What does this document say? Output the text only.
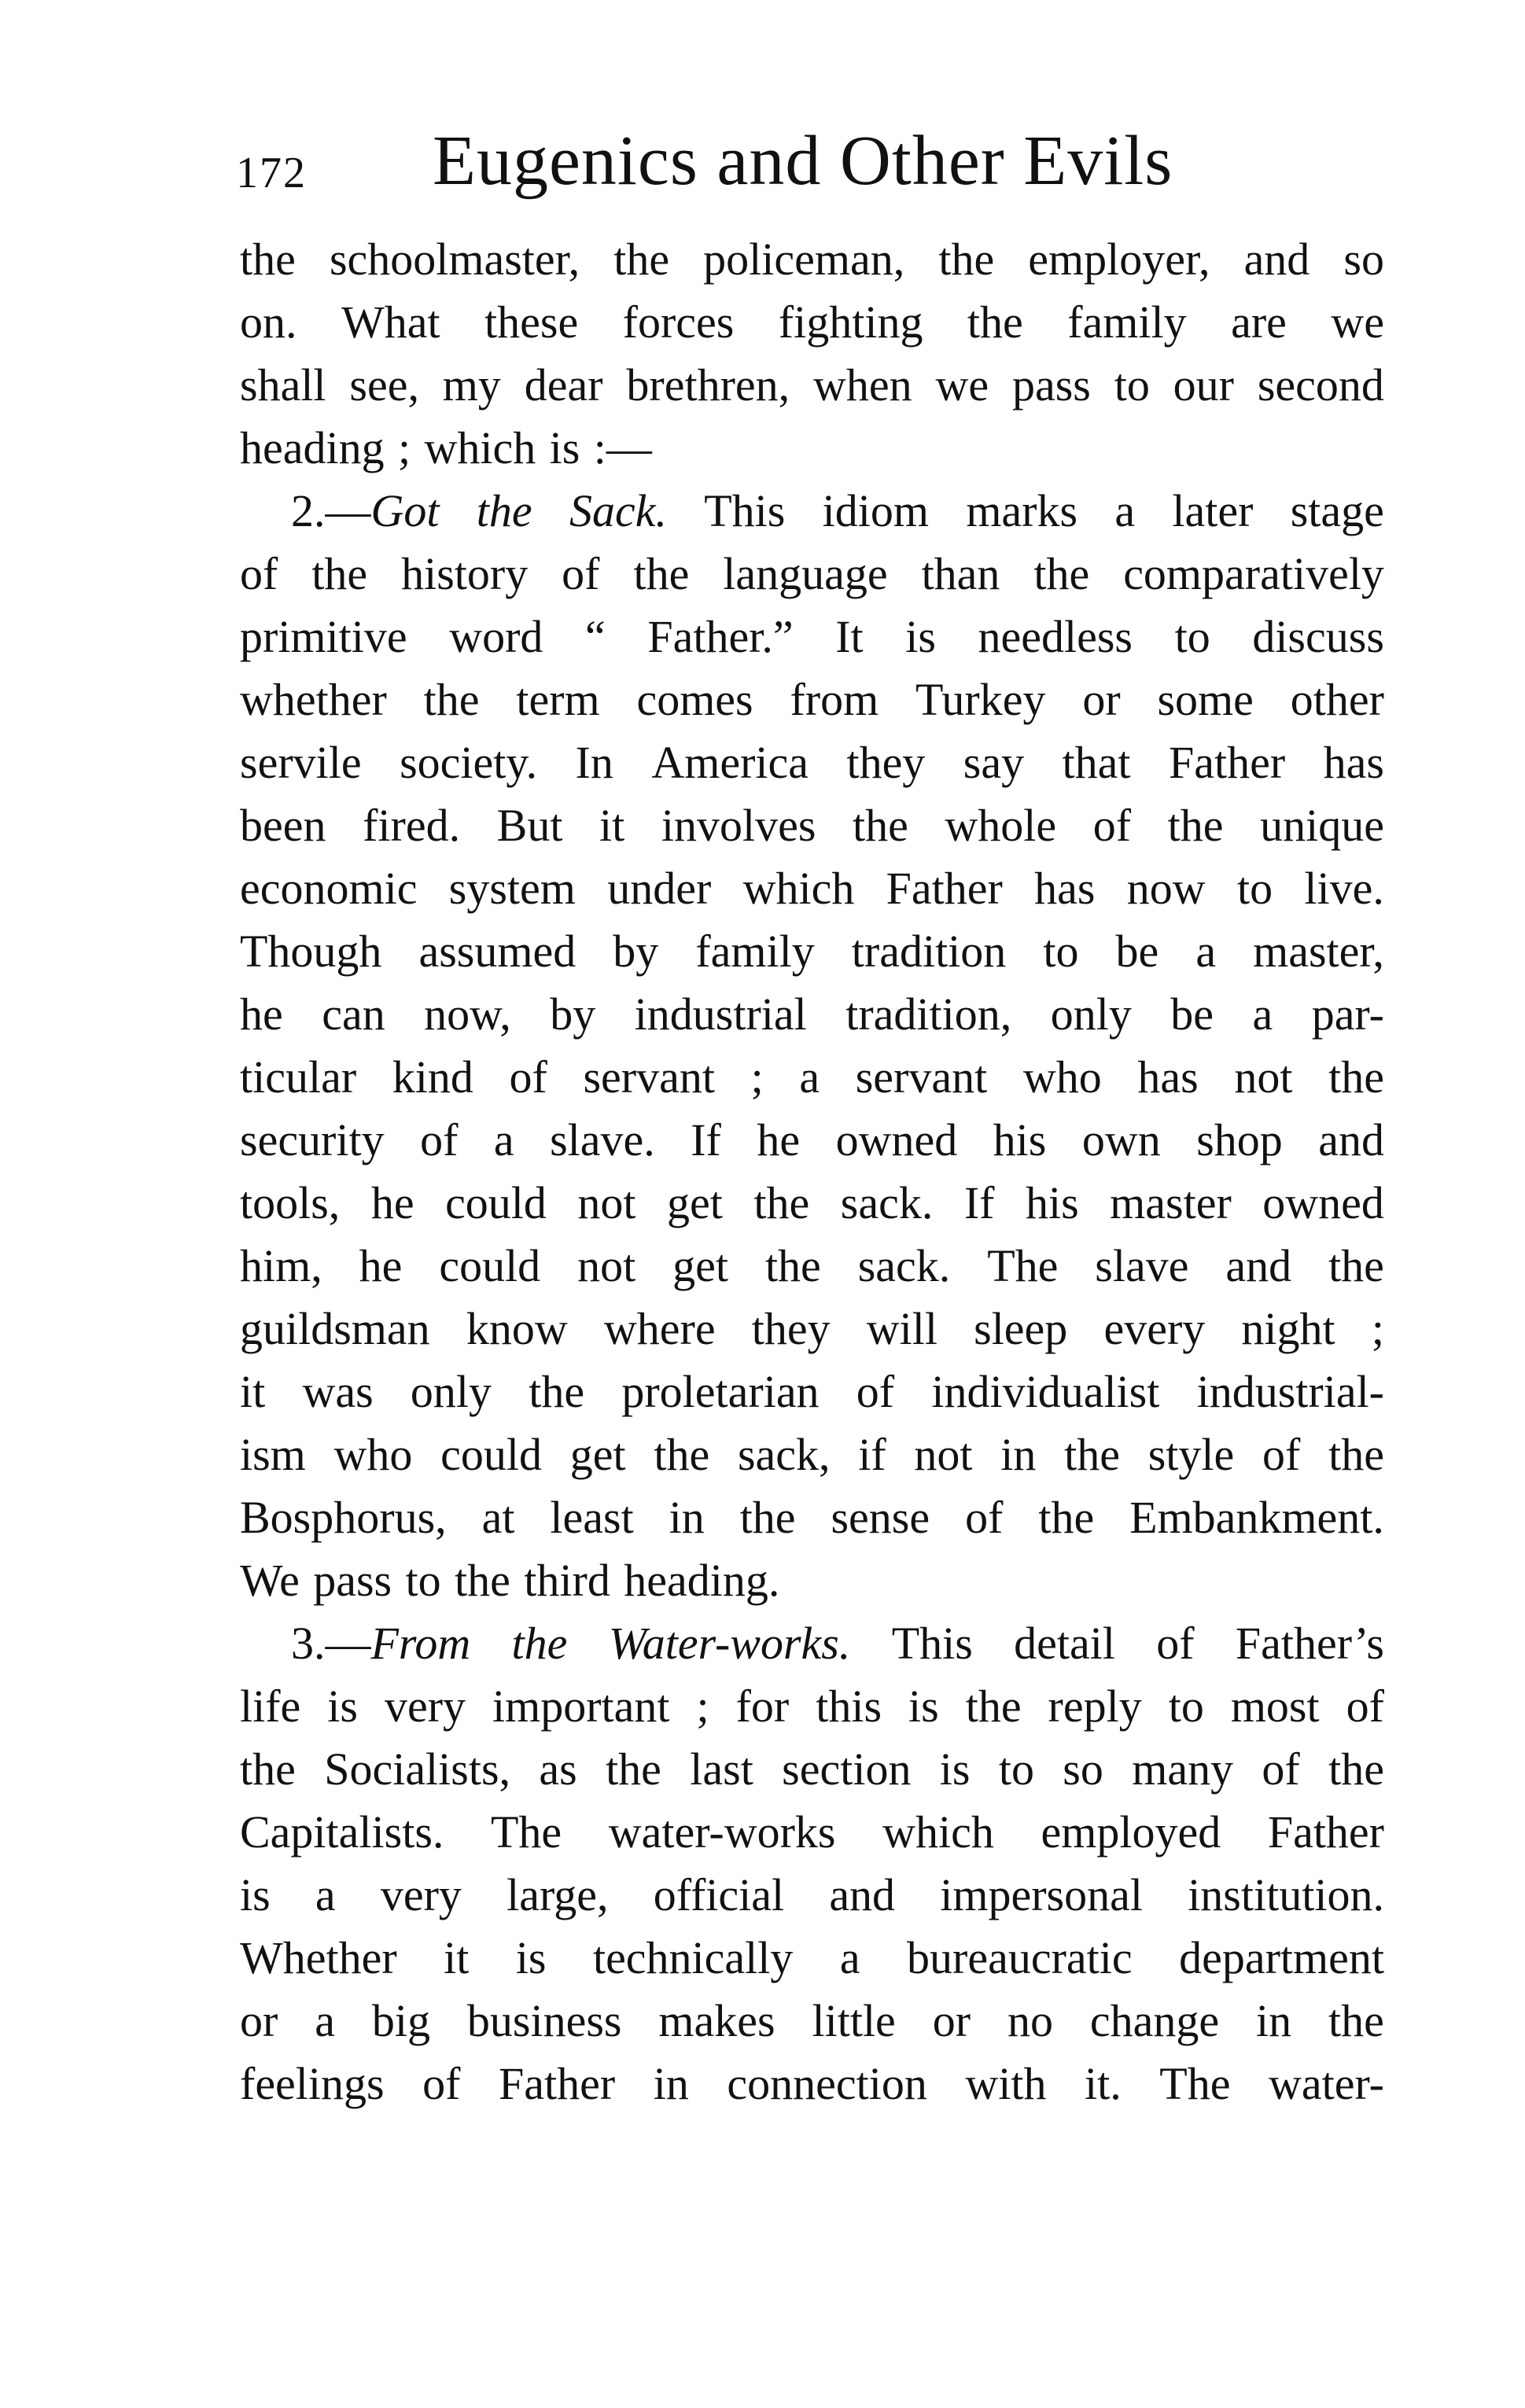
172 Eugenics and Other Evils
the schoolmaster, the policeman, the employer, and so
on. What these forces fighting the family are we
shall see, my dear brethren, when we pass to our second
heading ; which is :—
2.—Got the Sack. This idiom marks a later stage
of the history of the language than the comparatively
primitive word “ Father.” It is needless to discuss
whether the term comes from Turkey or some other
servile society. In America they say that Father has
been fired. But it involves the whole of the unique
economic system under which Father has now to live.
Though assumed by family tradition to be a master,
he can now, by industrial tradition, only be a par-
ticular kind of servant ; a servant who has not the
security of a slave. If he owned his own shop and
tools, he could not get the sack. If his master owned
him, he could not get the sack. The slave and the
guildsman know where they will sleep every night ;
it was only the proletarian of individualist industrial-
ism who could get the sack, if not in the style of the
Bosphorus, at least in the sense of the Embankment.
We pass to the third heading.
3.—From the Water-works. This detail of Father’s
life is very important ; for this is the reply to most of
the Socialists, as the last section is to so many of the
Capitalists. The water-works which employed Father
is a very large, official and impersonal institution.
Whether it is technically a bureaucratic department
or a big business makes little or no change in the
feelings of Father in connection with it. The water-
